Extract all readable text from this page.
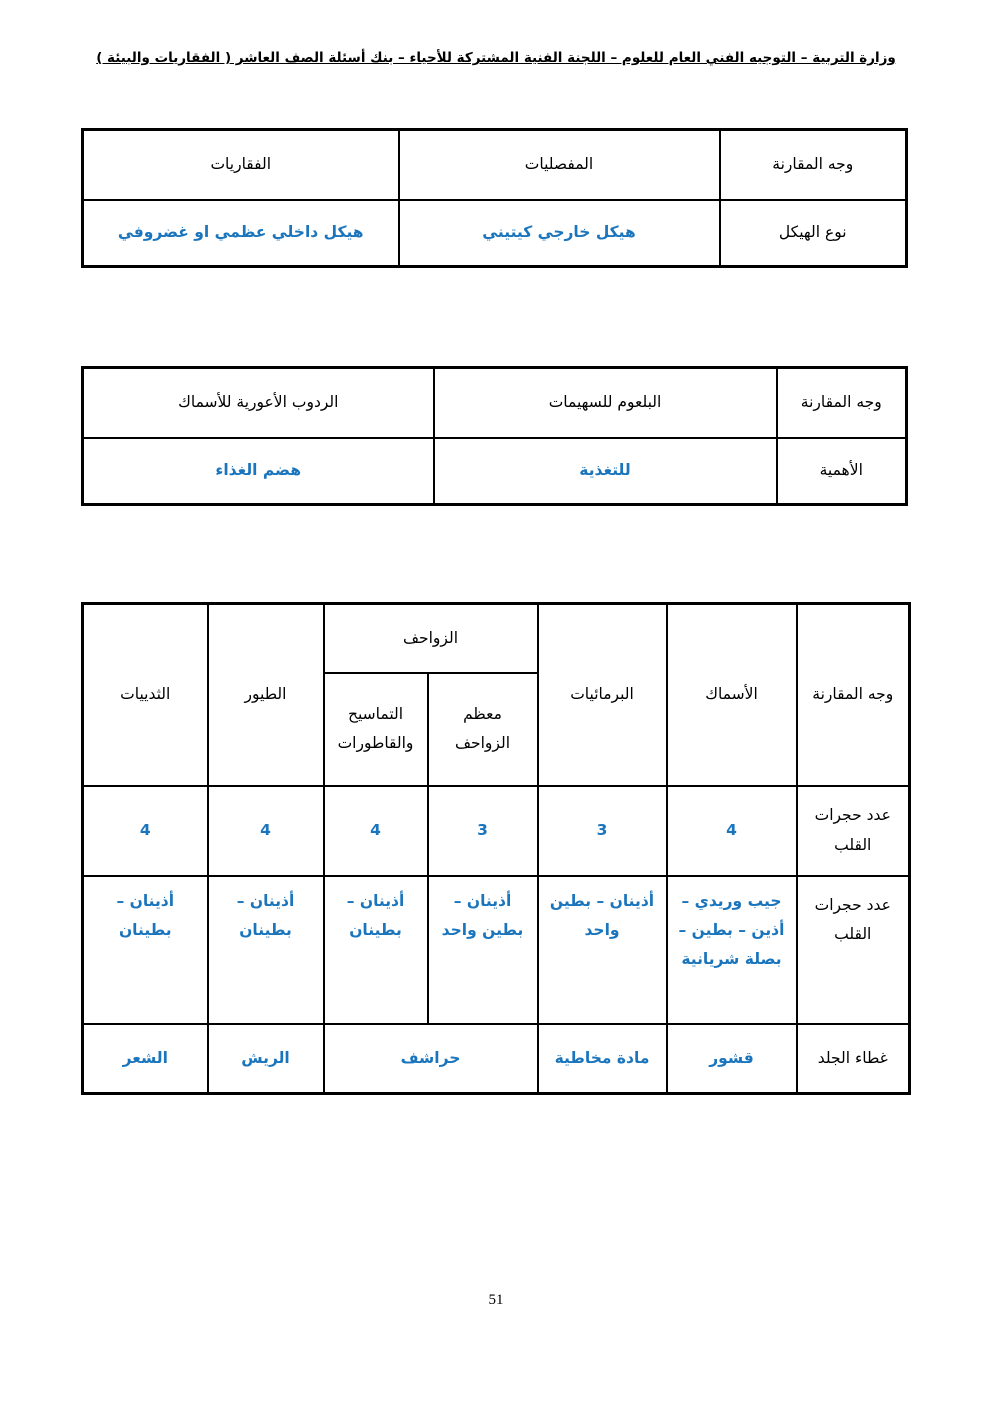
وزارة التربية – التوجيه الفني العام للعلوم – اللجنة الفنية المشتركة للأحياء – بنك أسئلة الصف العاشر ( الفقاريات والبيئة )
وجه المقارنة	المفصليات	الفقاريات
نوع الهيكل	هيكل خارجي كيتيني	هيكل داخلي عظمي او غضروفي
وجه المقارنة	البلعوم للسهيمات	الردوب الأعورية للأسماك
الأهمية	للتغذية	هضم الغذاء
وجه المقارنة	الأسماك	البرمائيات	الزواحف		الطيور	الثدييات
			معظم الزواحف	التماسيح والقاطورات		
عدد حجرات القلب	4	3	3	4	4	4
عدد حجرات القلب	جيب وريدي – أذين – بطين – بصلة شريانية	أذينان – بطين واحد	أذينان – بطين واحد	أذينان – بطينان	أذينان – بطينان	أذينان – بطينان
غطاء الجلد	قشور	مادة مخاطية	حراشف		الريش	الشعر
51
